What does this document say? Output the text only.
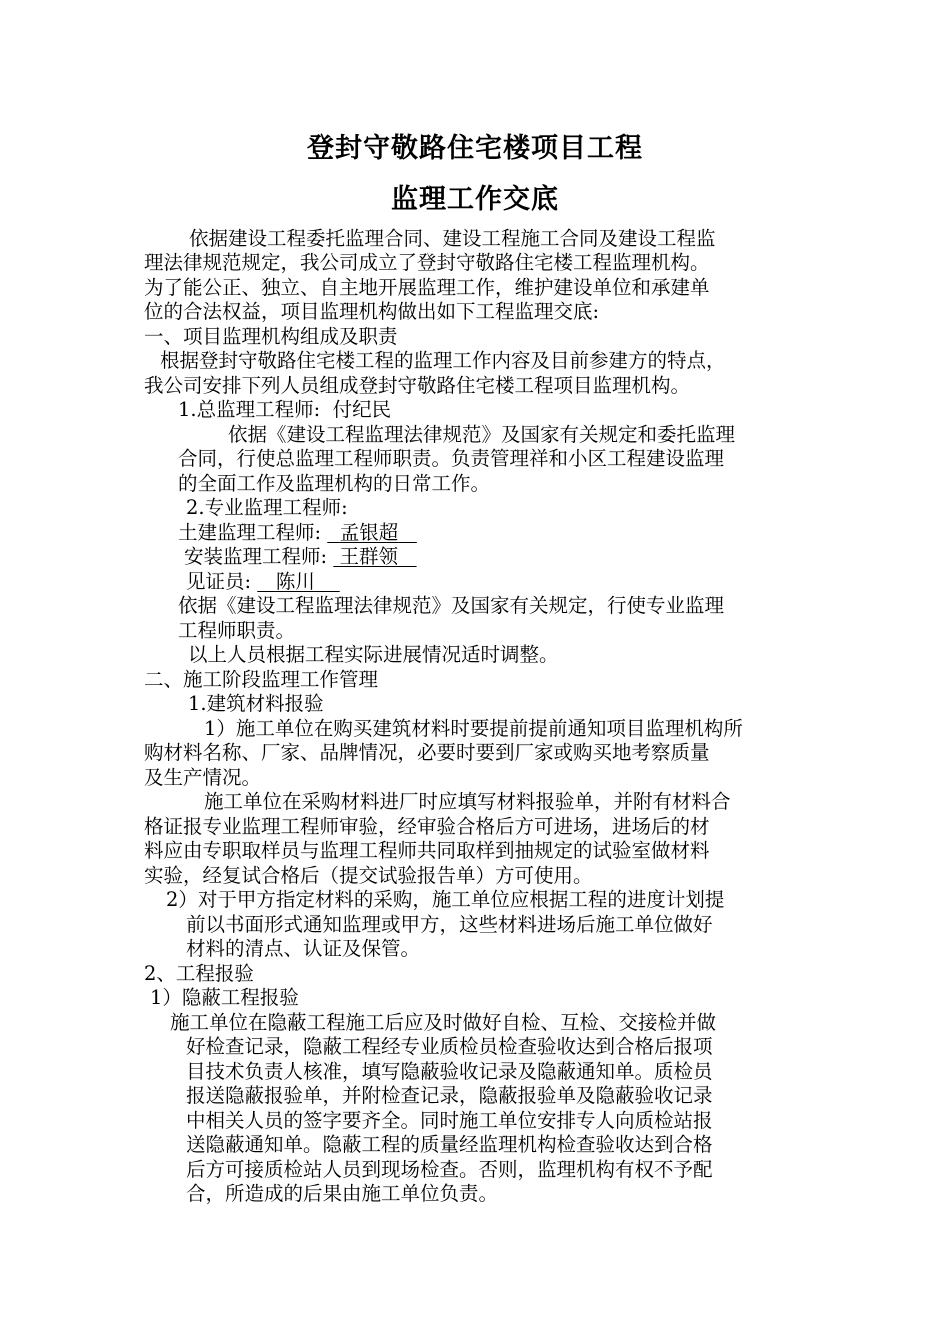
登封守敬路住宅楼项目工程
监理工作交底
依据建设工程委托监理合同、建设工程施工合同及建设工程监
理法律规范规定，我公司成立了登封守敬路住宅楼工程监理机构。
为了能公正、独立、自主地开展监理工作，维护建设单位和承建单
位的合法权益，项目监理机构做出如下工程监理交底:
一、项目监理机构组成及职责
根据登封守敬路住宅楼工程的监理工作内容及目前参建方的特点，
我公司安排下列人员组成登封守敬路住宅楼工程项目监理机构。
1.总监理工程师: 付纪民
依据《建设工程监理法律规范》及国家有关规定和委托监理
合同，行使总监理工程师职责。负责管理祥和小区工程建设监理
的全面工作及监理机构的日常工作。
2.专业监理工程师:
土建监理工程师: 孟银超
安装监理工程师: 王群领
见证员: 陈川
依据《建设工程监理法律规范》及国家有关规定，行使专业监理
工程师职责。
以上人员根据工程实际进展情况适时调整。
二、施工阶段监理工作管理
1.建筑材料报验
1）施工单位在购买建筑材料时要提前提前通知项目监理机构所
购材料名称、厂家、品牌情况，必要时要到厂家或购买地考察质量
及生产情况。
施工单位在采购材料进厂时应填写材料报验单，并附有材料合
格证报专业监理工程师审验，经审验合格后方可进场，进场后的材
料应由专职取样员与监理工程师共同取样到抽规定的试验室做材料
实验，经复试合格后（提交试验报告单）方可使用。
2）对于甲方指定材料的采购，施工单位应根据工程的进度计划提
前以书面形式通知监理或甲方，这些材料进场后施工单位做好
材料的清点、认证及保管。
2、工程报验
1）隐蔽工程报验
施工单位在隐蔽工程施工后应及时做好自检、互检、交接检并做
好检查记录，隐蔽工程经专业质检员检查验收达到合格后报项
目技术负责人核准，填写隐蔽验收记录及隐蔽通知单。质检员
报送隐蔽报验单，并附检查记录，隐蔽报验单及隐蔽验收记录
中相关人员的签字要齐全。同时施工单位安排专人向质检站报
送隐蔽通知单。隐蔽工程的质量经监理机构检查验收达到合格
后方可接质检站人员到现场检查。否则，监理机构有权不予配
合，所造成的后果由施工单位负责。
